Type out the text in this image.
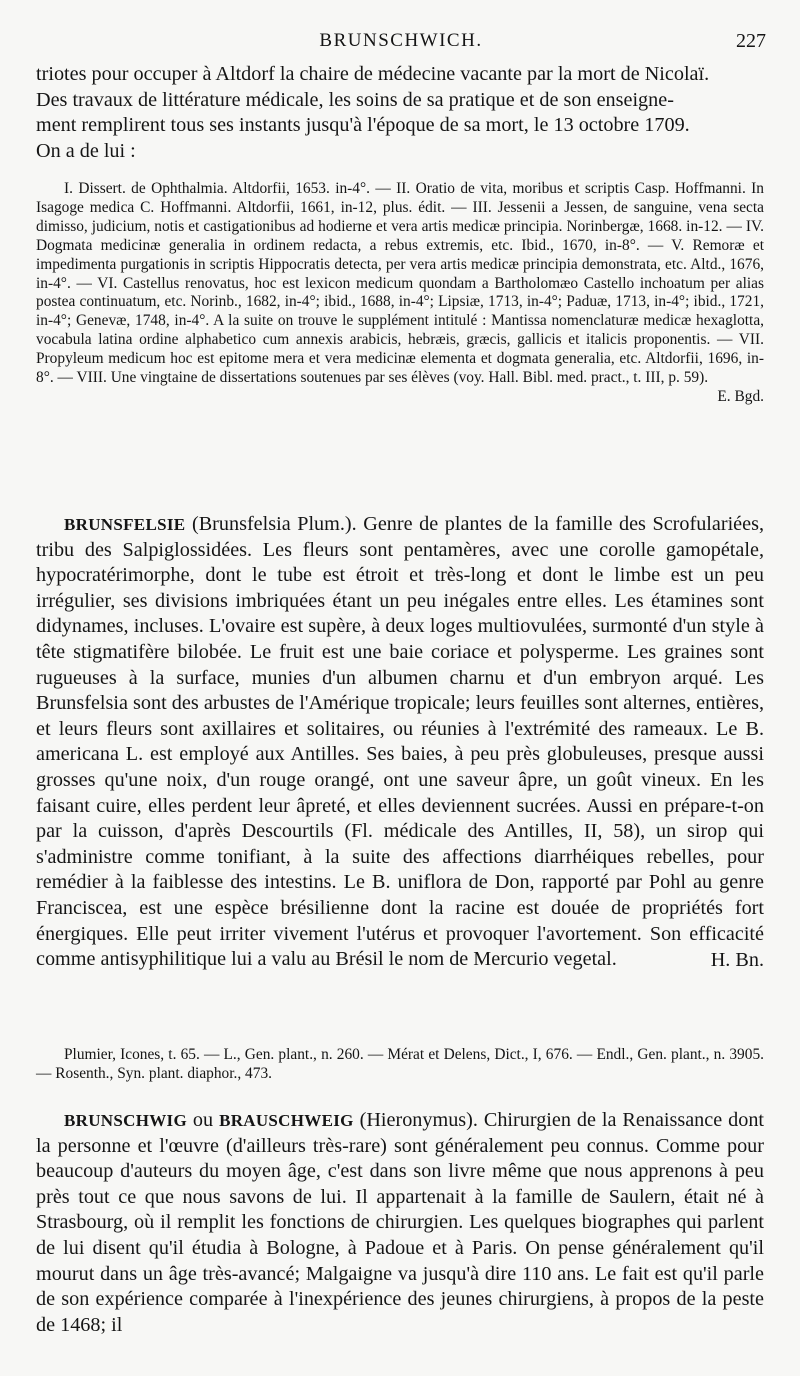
BRUNSCHWICH.	227

triotes pour occuper à Altdorf la chaire de médecine vacante par la mort de Nicolaï.

Des travaux de littérature médicale, les soins de sa pratique et de son enseigne-

ment remplirent tous ses instants jusqu'à l'époque de sa mort, le 13 octobre 1709.

On a de lui :

I. Dissert. de Ophthalmia. Altdorfii, 1653. in-4°. — II. Oratio de vita, moribus et scriptis Casp. Hoffmanni. In Isagoge medica C. Hoffmanni. Altdorfii, 1661, in-12, plus. édit. — III. Jessenii a Jessen, de sanguine, vena secta dimisso, judicium, notis et castigationibus ad hodierne et vera artis medicæ principia. Norinbergæ, 1668. in-12. — IV. Dogmata medicinæ generalia in ordinem redacta, a rebus extremis, etc. Ibid., 1670, in-8°. — V. Remoræ et impedimenta purgationis in scriptis Hippocratis detecta, per vera artis medicæ principia demonstrata, etc. Altd., 1676, in-4°. — VI. Castellus renovatus, hoc est lexicon medicum quondam a Bartholomæo Castello inchoatum per alias postea continuatum, etc. Norinb., 1682, in-4°; ibid., 1688, in-4°; Lipsiæ, 1713, in-4°; Paduæ, 1713, in-4°; ibid., 1721, in-4°; Genevæ, 1748, in-4°. A la suite on trouve le supplément intitulé : Mantissa nomenclaturæ medicæ hexaglotta, vocabula latina ordine alphabetico cum annexis arabicis, hebræis, græcis, gallicis et italicis proponentis. — VII. Propyleum medicum hoc est epitome mera et vera medicinæ elementa et dogmata generalia, etc. Altdorfii, 1696, in-8°. — VIII. Une vingtaine de dissertations soutenues par ses élèves (voy. Hall. Bibl. med. pract., t. III, p. 59).

E. Bgd.

BRUNSFELSIE (Brunsfelsia Plum.). Genre de plantes de la famille des Scrofulariées, tribu des Salpiglossidées. Les fleurs sont pentamères, avec une corolle gamopétale, hypocratérimorphe, dont le tube est étroit et très-long et dont le limbe est un peu irrégulier, ses divisions imbriquées étant un peu inégales entre elles. Les étamines sont didynames, incluses. L'ovaire est supère, à deux loges multiovulées, surmonté d'un style à tête stigmatifère bilobée. Le fruit est une baie coriace et polysperme. Les graines sont rugueuses à la surface, munies d'un albumen charnu et d'un embryon arqué. Les Brunsfelsia sont des arbustes de l'Amérique tropicale; leurs feuilles sont alternes, entières, et leurs fleurs sont axillaires et solitaires, ou réunies à l'extrémité des rameaux. Le B. americana L. est employé aux Antilles. Ses baies, à peu près globuleuses, presque aussi grosses qu'une noix, d'un rouge orangé, ont une saveur âpre, un goût vineux. En les faisant cuire, elles perdent leur âpreté, et elles deviennent sucrées. Aussi en prépare-t-on par la cuisson, d'après Descourtils (Fl. médicale des Antilles, II, 58), un sirop qui s'administre comme tonifiant, à la suite des affections diarrhéiques rebelles, pour remédier à la faiblesse des intestins. Le B. uniflora de Don, rapporté par Pohl au genre Franciscea, est une espèce brésilienne dont la racine est douée de propriétés fort énergiques. Elle peut irriter vivement l'utérus et provoquer l'avortement. Son efficacité comme antisyphilitique lui a valu au Brésil le nom de Mercurio vegetal.	H. Bn.

Plumier, Icones, t. 65. — L., Gen. plant., n. 260. — Mérat et Delens, Dict., I, 676. — Endl., Gen. plant., n. 3905. — Rosenth., Syn. plant. diaphor., 473.

BRUNSCHWIG ou BRAUSCHWEIG (Hieronymus). Chirurgien de la Renaissance dont la personne et l'œuvre (d'ailleurs très-rare) sont généralement peu connus. Comme pour beaucoup d'auteurs du moyen âge, c'est dans son livre même que nous apprenons à peu près tout ce que nous savons de lui. Il appartenait à la famille de Saulern, était né à Strasbourg, où il remplit les fonctions de chirurgien. Les quelques biographes qui parlent de lui disent qu'il étudia à Bologne, à Padoue et à Paris. On pense généralement qu'il mourut dans un âge très-avancé; Malgaigne va jusqu'à dire 110 ans. Le fait est qu'il parle de son expérience comparée à l'inexpérience des jeunes chirurgiens, à propos de la peste de 1468; il
